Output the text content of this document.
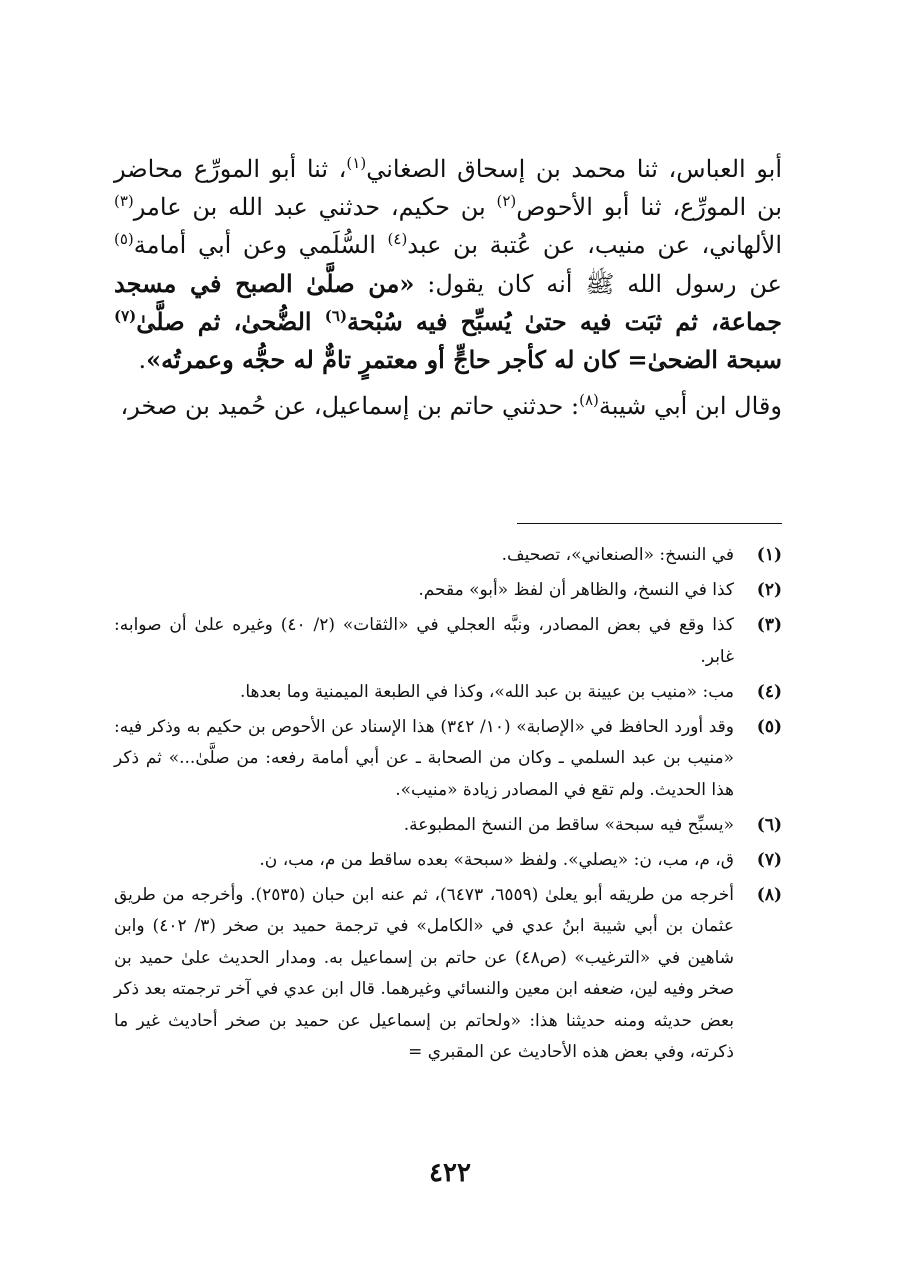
أبو العباس، ثنا محمد بن إسحاق الصغاني$^{(١)}$، ثنا أبو المورِّع محاضر بن المورِّع، ثنا أبو الأحوص$^{(٢)}$ بن حكيم، حدثني عبد الله بن عامر$^{(٣)}$ الألهاني، عن منيب، عن عُتبة بن عبد$^{(٤)}$ السُّلَمي وعن أبي أمامة$^{(٥)}$ عن رسول الله ﷺ أنه كان يقول: «من صلَّىٰ الصبح في مسجد جماعة، ثم ثبَت فيه حتىٰ يُسبِّح فيه سُبْحة$^{(٦)}$ الضُّحىٰ، ثم صلَّىٰ$^{(٧)}$ سبحة الضحىٰ= كان له كأجر حاجٍّ أو معتمرٍ تامٌّ له حجُّه وعمرتُه».

وقال ابن أبي شيبة$^{(٨)}$: حدثني حاتم بن إسماعيل، عن حُميد بن صخر،

(١)
في النسخ: «الصنعاني»، تصحيف.
(٢)
كذا في النسخ، والظاهر أن لفظ «أبو» مقحم.
(٣)
كذا وقع في بعض المصادر، ونبَّه العجلي في «الثقات» (٢/ ٤٠) وغيره علىٰ أن صوابه: غابر.
(٤)
مب: «منيب بن عيينة بن عبد الله»، وكذا في الطبعة الميمنية وما بعدها.
(٥)
وقد أورد الحافظ في «الإصابة» (١٠/ ٣٤٢) هذا الإسناد عن الأحوص بن حكيم به وذكر فيه: «منيب بن عبد السلمي ـ وكان من الصحابة ـ عن أبي أمامة رفعه: من صلَّىٰ...» ثم ذكر هذا الحديث. ولم تقع في المصادر زيادة «منيب».
(٦)
«يسبِّح فيه سبحة» ساقط من النسخ المطبوعة.
(٧)
ق، م، مب، ن: «يصلي». ولفظ «سبحة» بعده ساقط من م، مب، ن.
(٨)
أخرجه من طريقه أبو يعلىٰ (٦٥٥٩، ٦٤٧٣)، ثم عنه ابن حبان (٢٥٣٥). وأخرجه من طريق عثمان بن أبي شيبة ابنُ عدي في «الكامل» في ترجمة حميد بن صخر (٣/ ٤٠٢) وابن شاهين في «الترغيب» (ص٤٨) عن حاتم بن إسماعيل به. ومدار الحديث علىٰ حميد بن صخر وفيه لين، ضعفه ابن معين والنسائي وغيرهما. قال ابن عدي في آخر ترجمته بعد ذكر بعض حديثه ومنه حديثنا هذا: «ولحاتم بن إسماعيل عن حميد بن صخر أحاديث غير ما ذكرته، وفي بعض هذه الأحاديث عن المقبري =
٤٢٢
